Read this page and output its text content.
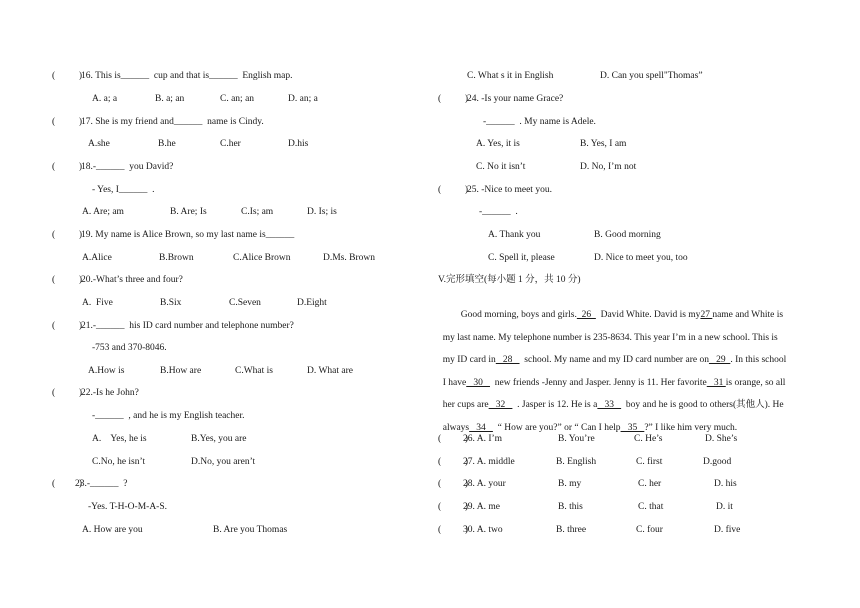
(          )
16. This is______  cup and that is______  English map.
A. a; a	B. a; an	C. an; an	D. an; a
(          )
17. She is my friend and______  name is Cindy.
A.she	B.he	C.her	D.his
(          )
18.-______  you David?
- Yes, I______  .
A. Are; am	B. Are; Is	C.Is; am	D. Is; is
(          )
19. My name is Alice Brown, so my last name is______
A.Alice	B.Brown	C.Alice Brown	D.Ms. Brown
(          )
20.-What’s three and four?
A.  Five	B.Six	C.Seven	D.Eight
(          )
21.-______  his ID card number and telephone number?
-753 and 370-8046.
A.How is	B.How are	C.What is	D. What are
(          )
22.-Is he John?
-______  , and he is my English teacher.
A.    Yes, he is	B.Yes, you are
C.No, he isn’t	D.No, you aren’t
(          )
23.-______  ?
-Yes. T-H-O-M-A-S.
A. How are you	B. Are you Thomas
C. What s it in English	D. Can you spell"Thomas”
(          )
24. -Is your name Grace?
-______  . My name is Adele.
A. Yes, it is	B. Yes, I am
C. No it isn’t	D. No, I’m not
(          )
25. -Nice to meet you.
-______  .
A. Thank you	B. Good morning
C. Spell it, please	D. Nice to meet you, too
V.完形填空(每小题 1 分，共 10 分)

Good morning, boys and girls.  26    David White. David is my27 name and White is

my last name. My telephone number is 235-8634. This year I’m in a new school. This is

my ID card in   28     school. My name and my ID card number are on   29  . In this school

I have   30     new friends -Jenny and Jasper. Jenny is 11. Her favorite   31 is orange, so all

her cups are   32     . Jasper is 12. He is a   33     boy and he is good to others(其他人). He

always   34     “ How are you?” or “ Can I help   35   ?” I like him very much.

(          )
26. A. I’m	B. You’re	C. He’s	D. She’s
(          )
27. A. middle	B. English	C. first	D.good
(          )
28. A. your	B. my	C. her	D. his
(          )
29. A. me	B. this	C. that	D. it
(          )
30. A. two	B. three	C. four	D. five
